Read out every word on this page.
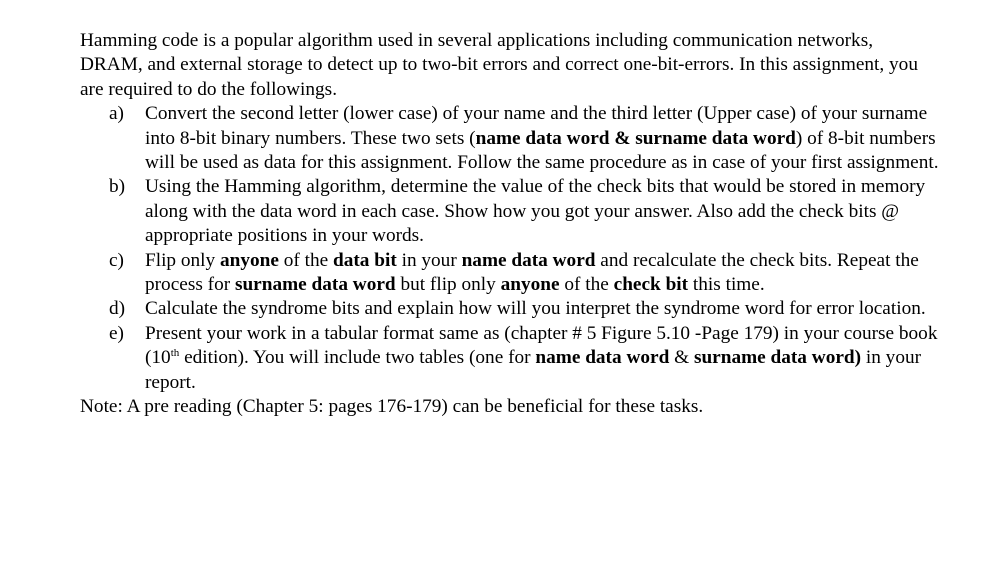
Hamming code is a popular algorithm used in several applications including communication networks, DRAM, and external storage to detect up to two-bit errors and correct one-bit-errors. In this assignment, you are required to do the followings.

a) Convert the second letter (lower case) of your name and the third letter (Upper case) of your surname into 8-bit binary numbers. These two sets (name data word & surname data word) of 8-bit numbers will be used as data for this assignment. Follow the same procedure as in case of your first assignment.
b) Using the Hamming algorithm, determine the value of the check bits that would be stored in memory along with the data word in each case. Show how you got your answer. Also add the check bits @ appropriate positions in your words.
c) Flip only anyone of the data bit in your name data word and recalculate the check bits. Repeat the process for surname data word but flip only anyone of the check bit this time.
d) Calculate the syndrome bits and explain how will you interpret the syndrome word for error location.
e) Present your work in a tabular format same as (chapter # 5 Figure 5.10 -Page 179) in your course book (10th edition). You will include two tables (one for name data word & surname data word) in your report.

Note: A pre reading (Chapter 5: pages 176-179) can be beneficial for these tasks.
